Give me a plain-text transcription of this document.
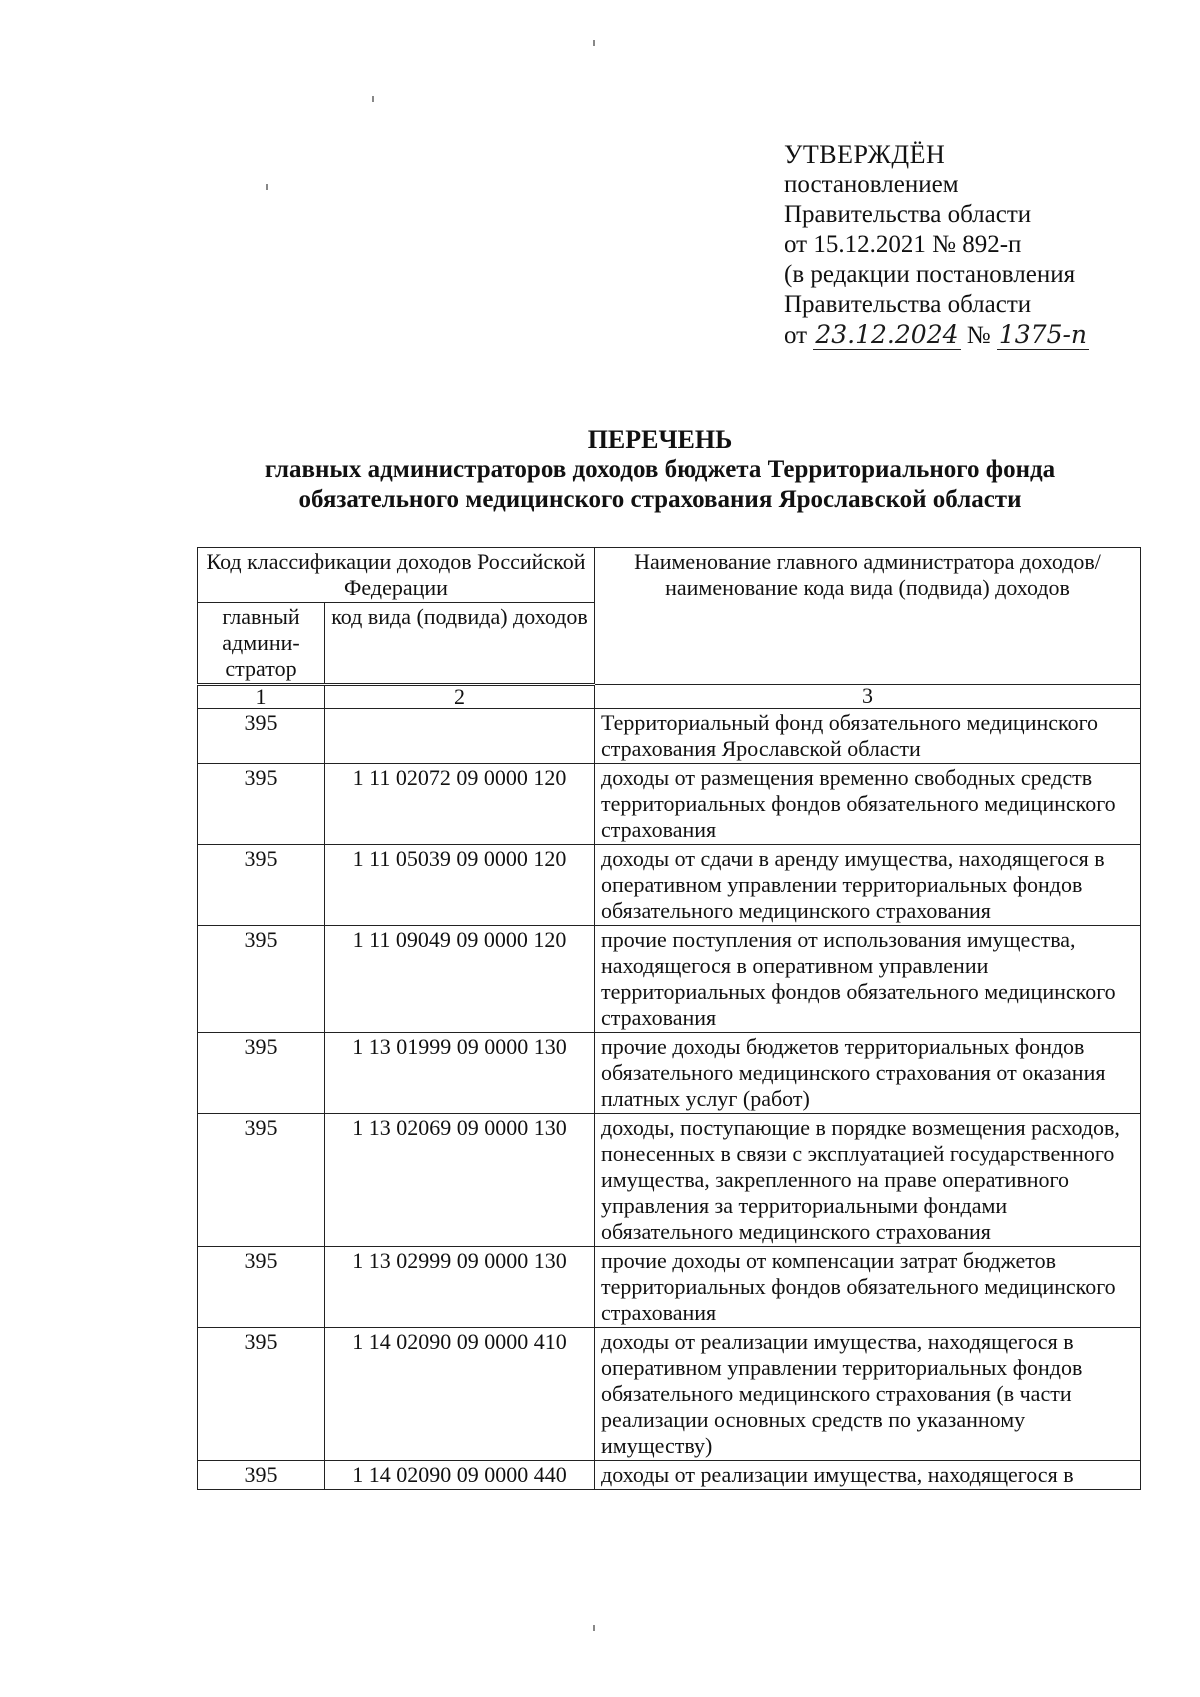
УТВЕРЖДЁН
постановлением
Правительства области
от 15.12.2021 № 892-п
(в редакции постановления
Правительства области
от 23.12.2024 № 1375-п
ПЕРЕЧЕНЬ
главных администраторов доходов бюджета Территориального фонда
обязательного медицинского страхования Ярославской области
Код классификации доходов Российской Федерации		Наименование главного администратора доходов/наименование кода вида (подвида) доходов
главный админи-стратор	код вида (подвида) доходов	
1	2	3
395		Территориальный фонд обязательного медицинского страхования Ярославской области
395	1 11 02072 09 0000 120	доходы от размещения временно свободных средств территориальных фондов обязательного медицинского страхования
395	1 11 05039 09 0000 120	доходы от сдачи в аренду имущества, находящегося в оперативном управлении территориальных фондов обязательного медицинского страхования
395	1 11 09049 09 0000 120	прочие поступления от использования имущества, находящегося в оперативном управлении территориальных фондов обязательного медицинского страхования
395	1 13 01999 09 0000 130	прочие доходы бюджетов территориальных фондов обязательного медицинского страхования от оказания платных услуг (работ)
395	1 13 02069 09 0000 130	доходы, поступающие в порядке возмещения расходов, понесенных в связи с эксплуатацией государственного имущества, закрепленного на праве оперативного управления за территориальными фондами обязательного медицинского страхования
395	1 13 02999 09 0000 130	прочие доходы от компенсации затрат бюджетов территориальных фондов обязательного медицинского страхования
395	1 14 02090 09 0000 410	доходы от реализации имущества, находящегося в оперативном управлении территориальных фондов обязательного медицинского страхования (в части реализации основных средств по указанному имуществу)
395	1 14 02090 09 0000 440	доходы от реализации имущества, находящегося в
